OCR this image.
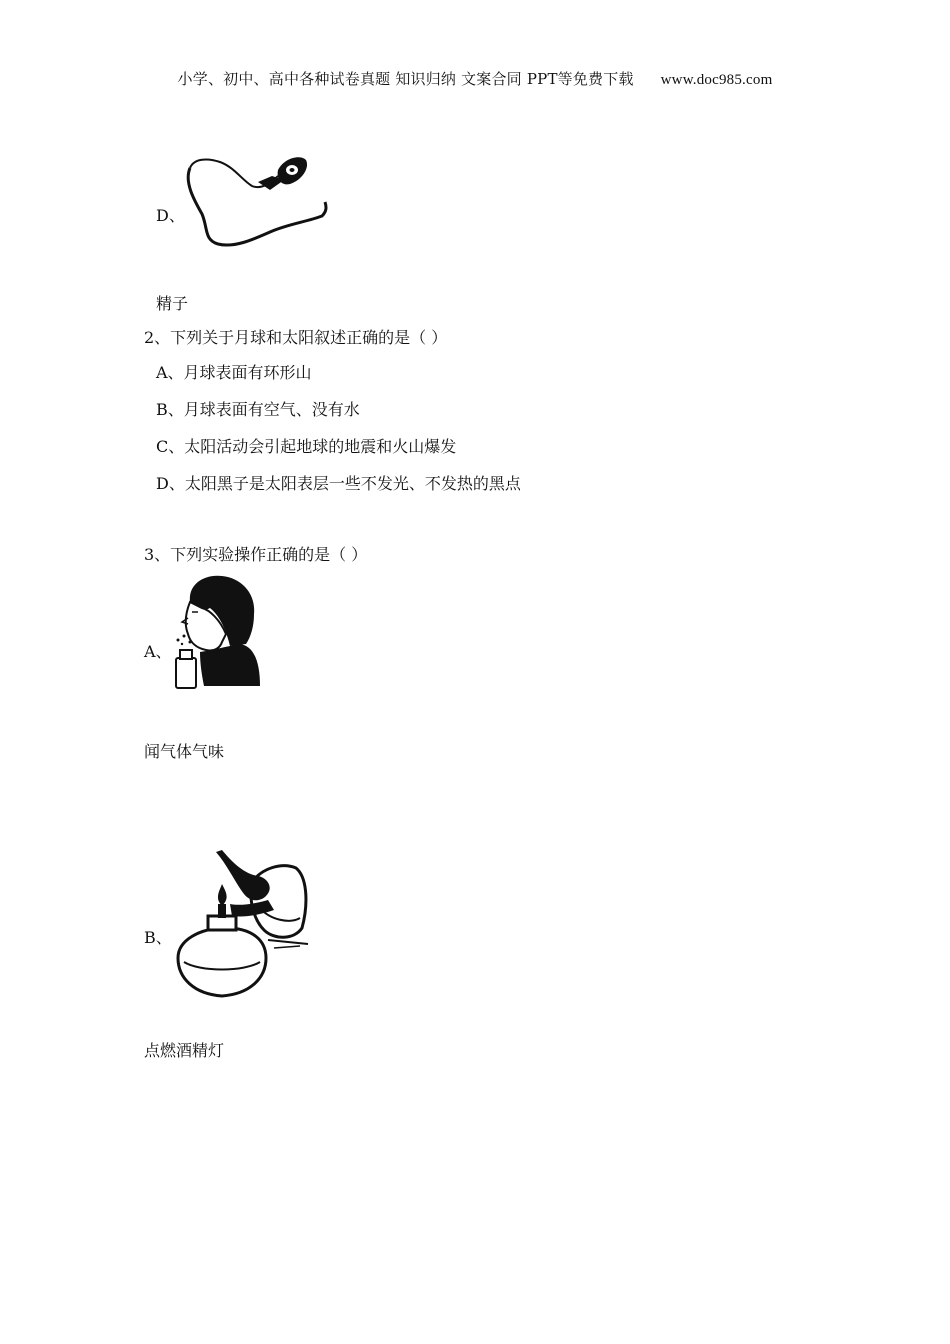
小学、初中、高中各种试卷真题 知识归纳 文案合同 PPT等免费下载 www.doc985.com
D、
精子
2、下列关于月球和太阳叙述正确的是（ ）
A、月球表面有环形山
B、月球表面有空气、没有水
C、太阳活动会引起地球的地震和火山爆发
D、太阳黑子是太阳表层一些不发光、不发热的黑点
3、下列实验操作正确的是（ ）
A、
闻气体气味
B、
点燃酒精灯
